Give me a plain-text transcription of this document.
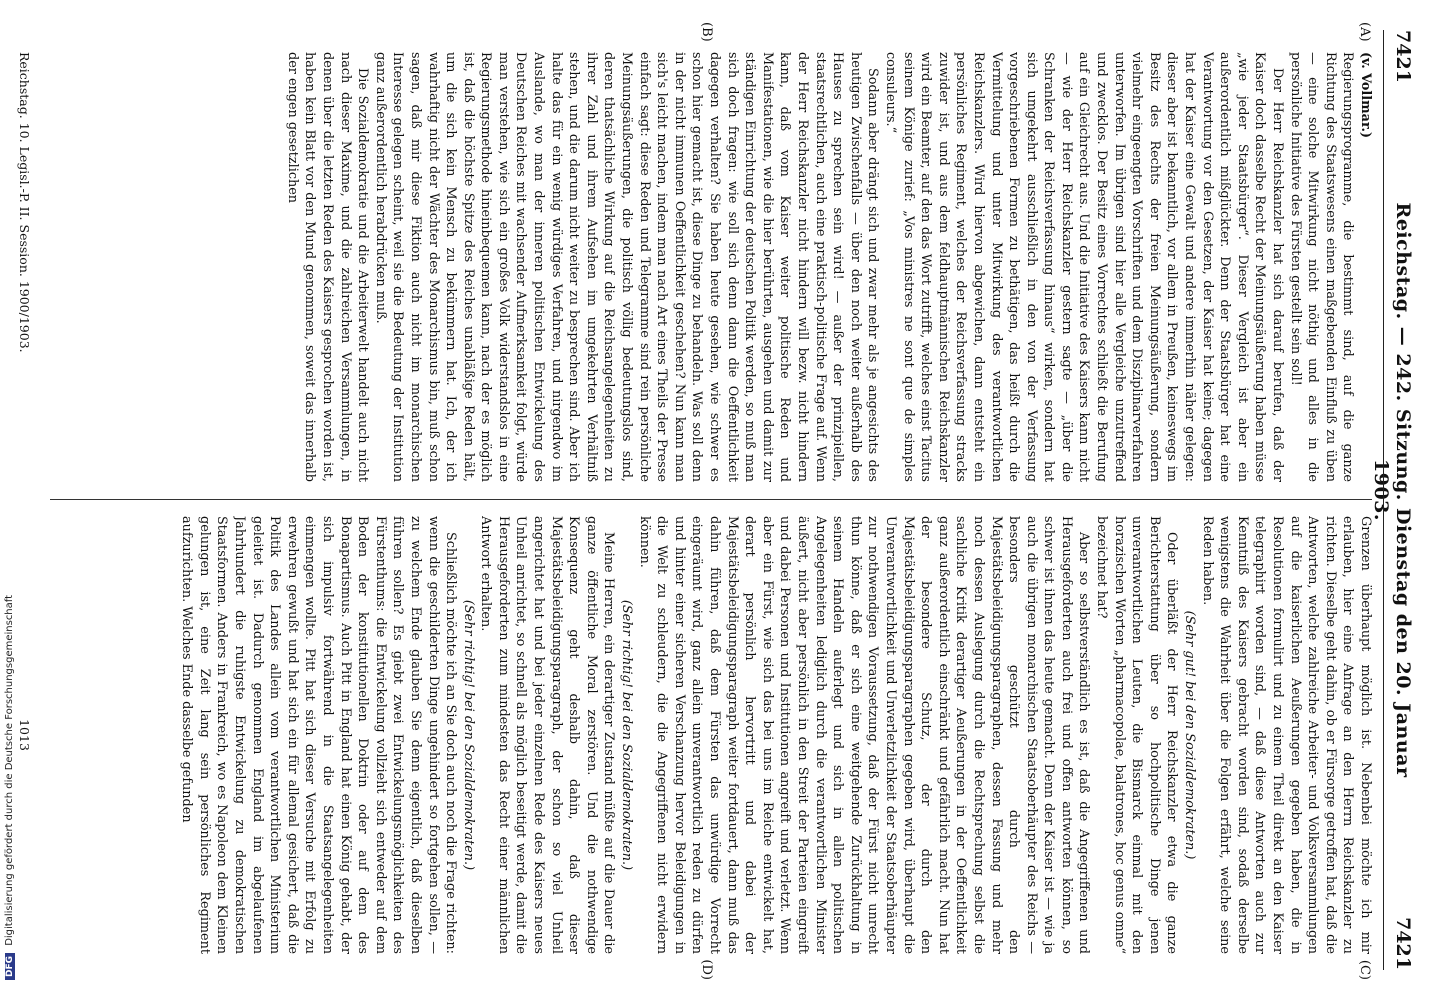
7421
Reichstag. — 242. Sitzung. Dienstag den 20. Januar 1903.
7421
(A)
(B)
(C)
(D)
(v. Vollmar.)

Regierungsprogramme, die bestimmt sind, auf die ganze Richtung des Staatswesens einen maßgebenden Einfluß zu üben — eine solche Mitwirkung nicht nöthig und alles in die persönliche Initiative des Fürsten gestellt sein soll!

Der Herr Reichskanzler hat sich darauf berufen, daß der Kaiser doch dasselbe Recht der Meinungsäußerung haben müsse „wie jeder Staatsbürger“. Dieser Vergleich ist aber ein außerordentlich mißglückter. Denn der Staatsbürger hat eine Verantwortung vor den Gesetzen, der Kaiser hat keine; dagegen hat der Kaiser eine Gewalt und andere immerhin näher gelegen: dieser aber ist bekanntlich, vor allem in Preußen, keineswegs im Besitz des Rechts der freien Meinungsäußerung, sondern vielmehr eingeengten Vorschriften und dem Disziplinarverfahren unterworfen. Im übrigen sind hier alle Vergleiche unzutreffend und zwecklos. Der Besitz eines Vorrechtes schließt die Berufung auf ein Gleichrecht aus. Und die Initiative des Kaisers kann nicht — wie der Herr Reichskanzler gestern sagte — „über die Schranken der Reichsverfassung hinaus“ wirken, sondern hat sich umgekehrt ausschließlich in den von der Verfassung vorgeschriebenen Formen zu bethätigen, das heißt durch die Vermittelung und unter Mitwirkung des verantwortlichen Reichskanzlers. Wird hiervon abgewichen, dann entsteht ein persönliches Regiment, welches der Reichsverfassung stracks zuwider ist, und aus dem feldhauptmännischen Reichskanzler wird ein Beamter, auf den das Wort zutrifft, welches einst Tacitus seinem Könige zurief: „Vos ministres ne sont que de simples consuleurs.“

Sodann aber drängt sich und zwar mehr als je angesichts des heutigen Zwischenfalls — über den noch weiter außerhalb des Hauses zu sprechen sein wird! — außer der prinzipiellen, staatsrechtlichen, auch eine praktisch-politische Frage auf. Wenn der Herr Reichskanzler nicht hindern will bezw. nicht hindern kann, daß vom Kaiser weiter politische Reden und Manifestationen, wie die hier berührten, ausgehen und damit zur ständigen Einrichtung der deutschen Politik werden, so muß man sich doch fragen: wie soll sich denn dann die Oeffentlichkeit dagegen verhalten? Sie haben heute gesehen, wie schwer es schon hier gemacht ist, diese Dinge zu behandeln. Was soll denn in der nicht immunen Oeffentlichkeit geschehen? Nun kann man sich's leicht machen, indem man nach Art eines Theils der Presse einfach sagt: diese Reden und Telegramme sind rein persönliche Meinungsäußerungen, die politisch völlig bedeutungslos sind, deren thatsächliche Wirkung auf die Reichsangelegenheiten zu ihrer Zahl und ihrem Aufsehen im umgekehrten Verhältniß stehen, und die darum nicht weiter zu besprechen sind. Aber ich halte das für ein wenig würdiges Verfahren, und nirgendwo im Auslande, wo man der inneren politischen Entwickelung des Deutschen Reiches mit wachsender Aufmerksamkeit folgt, würde man verstehen, wie sich ein großes Volk widerstandslos in eine Regierungsmethode hineinbequemen kann, nach der es möglich ist, daß die höchste Spitze des Reiches unabläßige Reden hält, um die sich kein Mensch zu bekümmern hat. Ich, der ich wahrhaftig nicht der Wächter des Monarchismus bin, muß schon sagen, daß mir diese Fiktion auch nicht im monarchischen Interesse gelegen scheint, weil sie die Bedeutung der Institution ganz außerordentlich herabdrücken muß.

Die Sozialdemokratie und die Arbeiterwelt handelt auch nicht nach dieser Maxime, und die zahlreichen Versammlungen, in denen über die letzten Reden des Kaisers gesprochen worden ist, haben kein Blatt vor den Mund genommen, soweit das innerhalb der engen gesetzlichen

Grenzen überhaupt möglich ist. Nebenbei möchte ich mir erlauben, hier eine Anfrage an den Herrn Reichskanzler zu richten. Dieselbe geht dahin, ob er Fürsorge getroffen hat, daß die Antworten, welche zahlreiche Arbeiter- und Volksversammlungen auf die kaiserlichen Aeußerungen gegeben haben, die in Resolutionen formulirt und zu einem Theil direkt an den Kaiser telegraphirt worden sind, — daß diese Antworten auch zur Kenntniß des Kaisers gebracht worden sind, sodaß derselbe wenigstens die Wahrheit über die Folgen erfährt, welche seine Reden haben.

(Sehr gut! bei den Sozialdemokraten.)

Oder überläßt der Herr Reichskanzler etwa die ganze Berichterstattung über so hochpolitische Dinge jenen unverantwortlichen Leuten, die Bismarck einmal mit den horazischen Worten „pharmacopolae, balatrones, hoc genus omne“ bezeichnet hat?

Aber so selbstverständlich es ist, daß die Angegriffenen und Herausgeforderten auch frei und offen antworten können, so schwer ist ihnen das heute gemacht. Denn der Kaiser ist — wie ja auch die übrigen monarchischen Staatsoberhäupter des Reichs — besonders geschützt durch den Majestätsbeleidigungsparagraphen, dessen Fassung und mehr noch dessen Auslegung durch die Rechtsprechung selbst die sachliche Kritik derartiger Aeußerungen in der Oeffentlichkeit ganz außerordentlich einschränkt und gefährlich macht. Nun hat der besondere Schutz, der durch den Majestätsbeleidigungsparagraphen gegeben wird, überhaupt die Unverantwortlichkeit und Unverletzlichkeit der Staatsoberhäupter zur nothwendigen Voraussetzung, daß der Fürst nicht unrecht thun könne, daß er sich eine weitgehende Zurückhaltung in seinem Handeln auferlegt und sich in allen politischen Angelegenheiten lediglich durch die verantwortlichen Minister äußert, nicht aber persönlich in den Streit der Parteien eingreift und dabei Personen und Institutionen angreift und verletzt. Wenn aber ein Fürst, wie sich das bei uns im Reiche entwickelt hat, derart persönlich hervortritt und dabei der Majestätsbeleidigungsparagraph weiter fortdauert, dann muß das dahin führen, daß dem Fürsten das unwürdige Vorrecht eingeräumt wird, ganz allein unverantwortlich reden zu dürfen und hinter einer sicheren Verschanzung hervor Beleidigungen in die Welt zu schleudern, die die Angegriffenen nicht erwidern können.

(Sehr richtig! bei den Sozialdemokraten.)

Meine Herren, ein derartiger Zustand müßte auf die Dauer die ganze öffentliche Moral zerstören. Und die nothwendige Konsequenz geht deshalb dahin, daß dieser Majestätsbeleidigungsparagraph, der schon so viel Unheil angerichtet hat und bei jeder einzelnen Rede des Kaisers neues Unheil anrichtet, so schnell als möglich beseitigt werde, damit die Herausgeforderten zum mindesten das Recht einer männlichen Antwort erhalten.

(Sehr richtig! bei den Sozialdemokraten.)

Schließlich möchte ich an Sie doch auch noch die Frage richten: wenn die geschilderten Dinge ungehindert so fortgehen sollen, — zu welchem Ende glauben Sie denn eigentlich, daß dieselben führen sollen? Es giebt zwei Entwickelungsmöglichkeiten des Fürstenthums: die Entwickelung vollzieht sich entweder auf dem Boden der konstitutionellen Doktrin oder auf dem des Bonapartismus. Auch Pitt in England hat einen König gehabt, der sich impulsiv fortwährend in die Staatsangelegenheiten einmengen wollte. Pitt hat sich dieser Versuche mit Erfolg zu erwehren gewußt und hat sich ein für allemal gesichert, daß die Politik des Landes allein vom verantwortlichen Ministerium geleitet ist. Dadurch genommen England im abgelaufenen Jahrhundert die ruhigste Entwickelung zu demokratischen Staatsformen. Anders in Frankreich, wo es Napoleon dem Kleinen gelungen ist, eine Zeit lang sein persönliches Regiment aufzurichten. Welches Ende dasselbe gefunden

Reichstag. 10. Legisl.-P. II. Session. 1900/1903.
1013
DFG Digitalisierung gefördert durch die Deutsche Forschungsgemeinschaft
